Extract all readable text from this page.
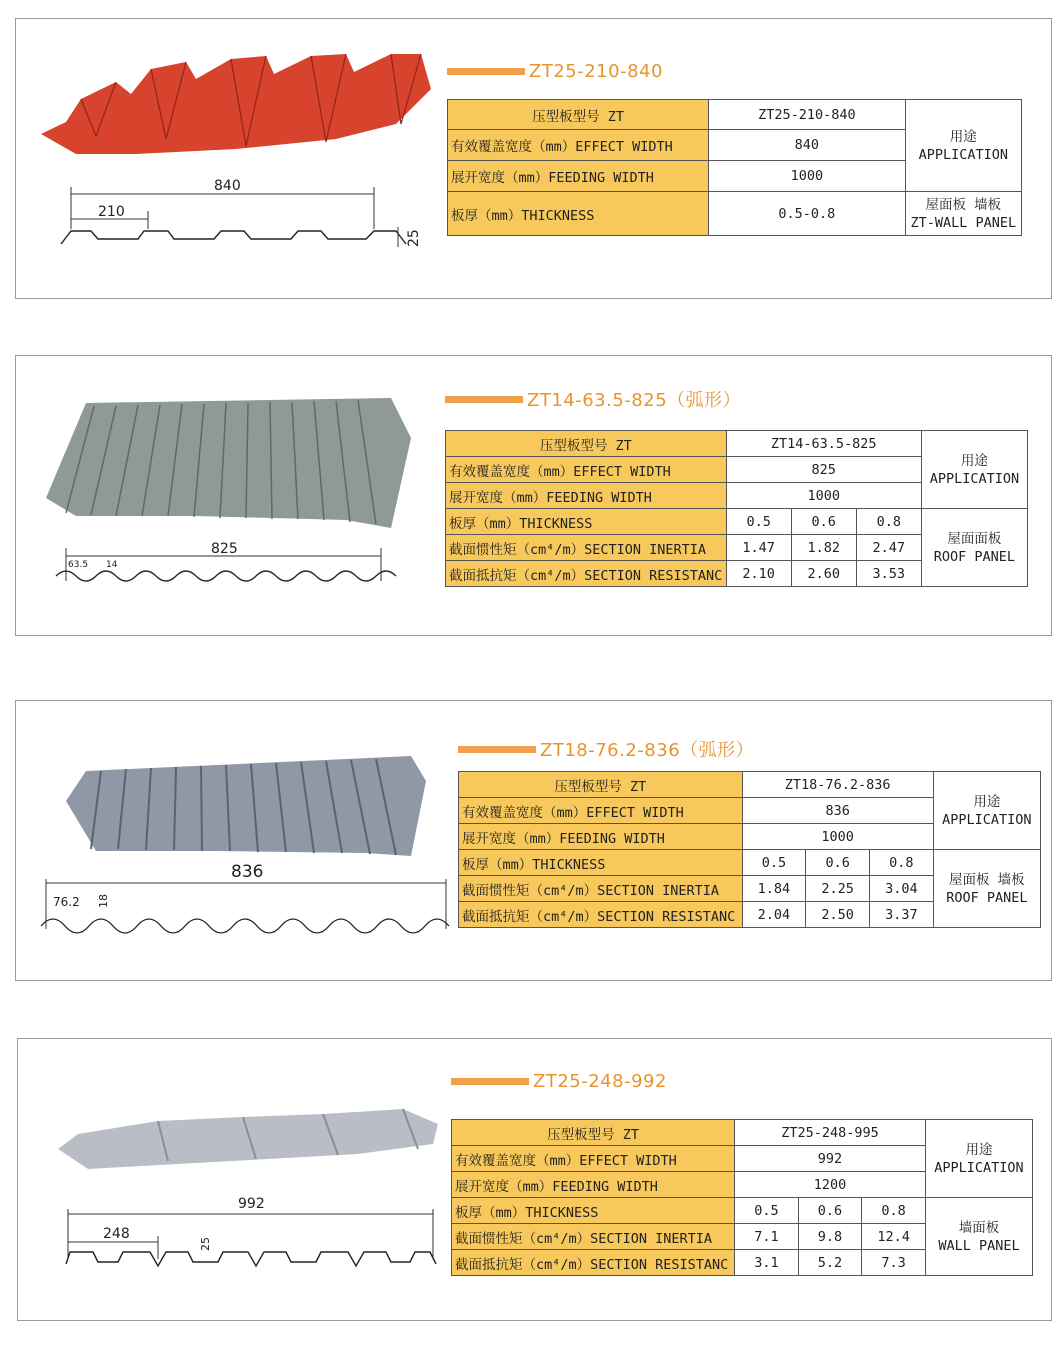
840
210
25
ZT25-210-840
压型板型号 ZT	ZT25-210-840	用途
APPLICATION

有效覆盖宽度（mm）EFFECT WIDTH	840	
展开宽度（mm）FEEDING WIDTH	1000	
板厚（mm）THICKNESS	0.5-0.8	屋面板 墙板
ZT-WALL PANEL
825
63.5 14
ZT14-63.5-825（弧形）
压型板型号 ZT	ZT14-63.5-825			用途
APPLICATION

有效覆盖宽度（mm）EFFECT WIDTH	825			
展开宽度（mm）FEEDING WIDTH	1000			
板厚（mm）THICKNESS	0.5	0.6	0.8	屋面面板
ROOF PANEL

截面惯性矩（cm⁴/m）SECTION INERTIA	1.47	1.82	2.47	
截面抵抗矩（cm⁴/m）SECTION RESISTANC	2.10	2.60	3.53	
836
76.2 18
ZT18-76.2-836（弧形）
压型板型号 ZT	ZT18-76.2-836			用途
APPLICATION

有效覆盖宽度（mm）EFFECT WIDTH	836			
展开宽度（mm）FEEDING WIDTH	1000			
板厚（mm）THICKNESS	0.5	0.6	0.8	屋面板 墙板
ROOF PANEL

截面惯性矩（cm⁴/m）SECTION INERTIA	1.84	2.25	3.04	
截面抵抗矩（cm⁴/m）SECTION RESISTANC	2.04	2.50	3.37	
992
248
25
ZT25-248-992
压型板型号 ZT	ZT25-248-995			用途
APPLICATION

有效覆盖宽度（mm）EFFECT WIDTH	992			
展开宽度（mm）FEEDING WIDTH	1200			
板厚（mm）THICKNESS	0.5	0.6	0.8	墙面板
WALL PANEL

截面惯性矩（cm⁴/m）SECTION INERTIA	7.1	9.8	12.4	
截面抵抗矩（cm⁴/m）SECTION RESISTANC	3.1	5.2	7.3	
